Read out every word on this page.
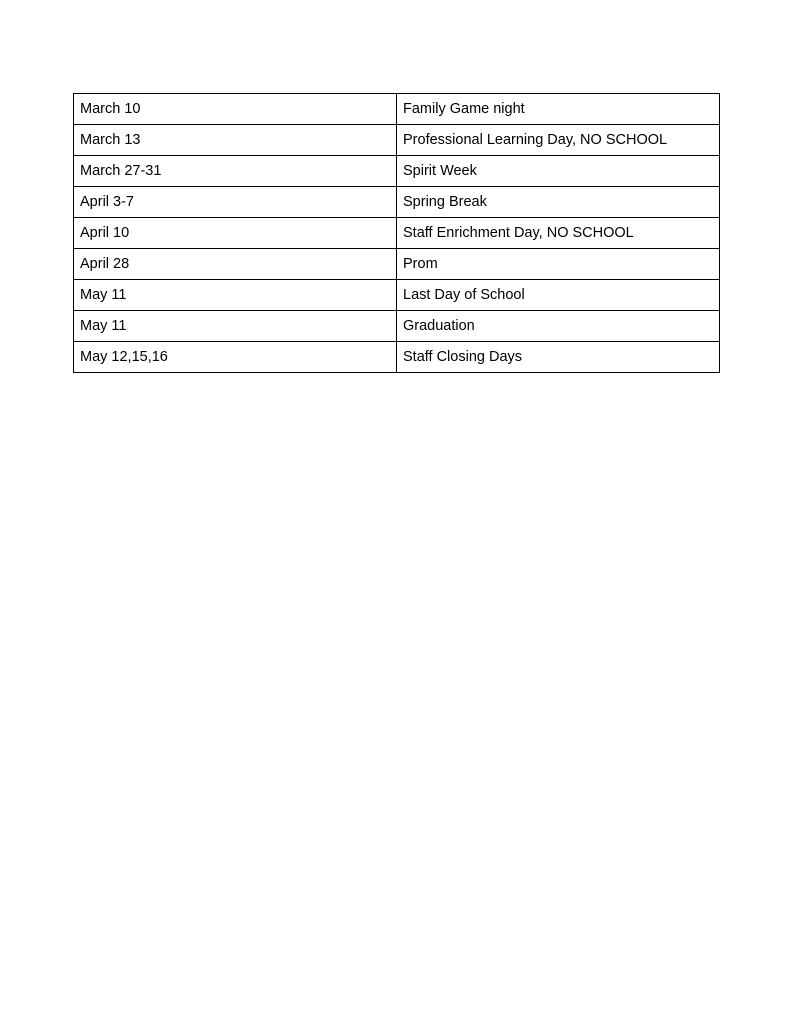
March 10	Family Game night
March 13	Professional Learning Day, NO SCHOOL
March 27-31	Spirit Week
April 3-7	Spring Break
April 10	Staff Enrichment Day, NO SCHOOL
April 28	Prom
May 11	Last Day of School
May 11	Graduation
May 12,15,16	Staff Closing Days
